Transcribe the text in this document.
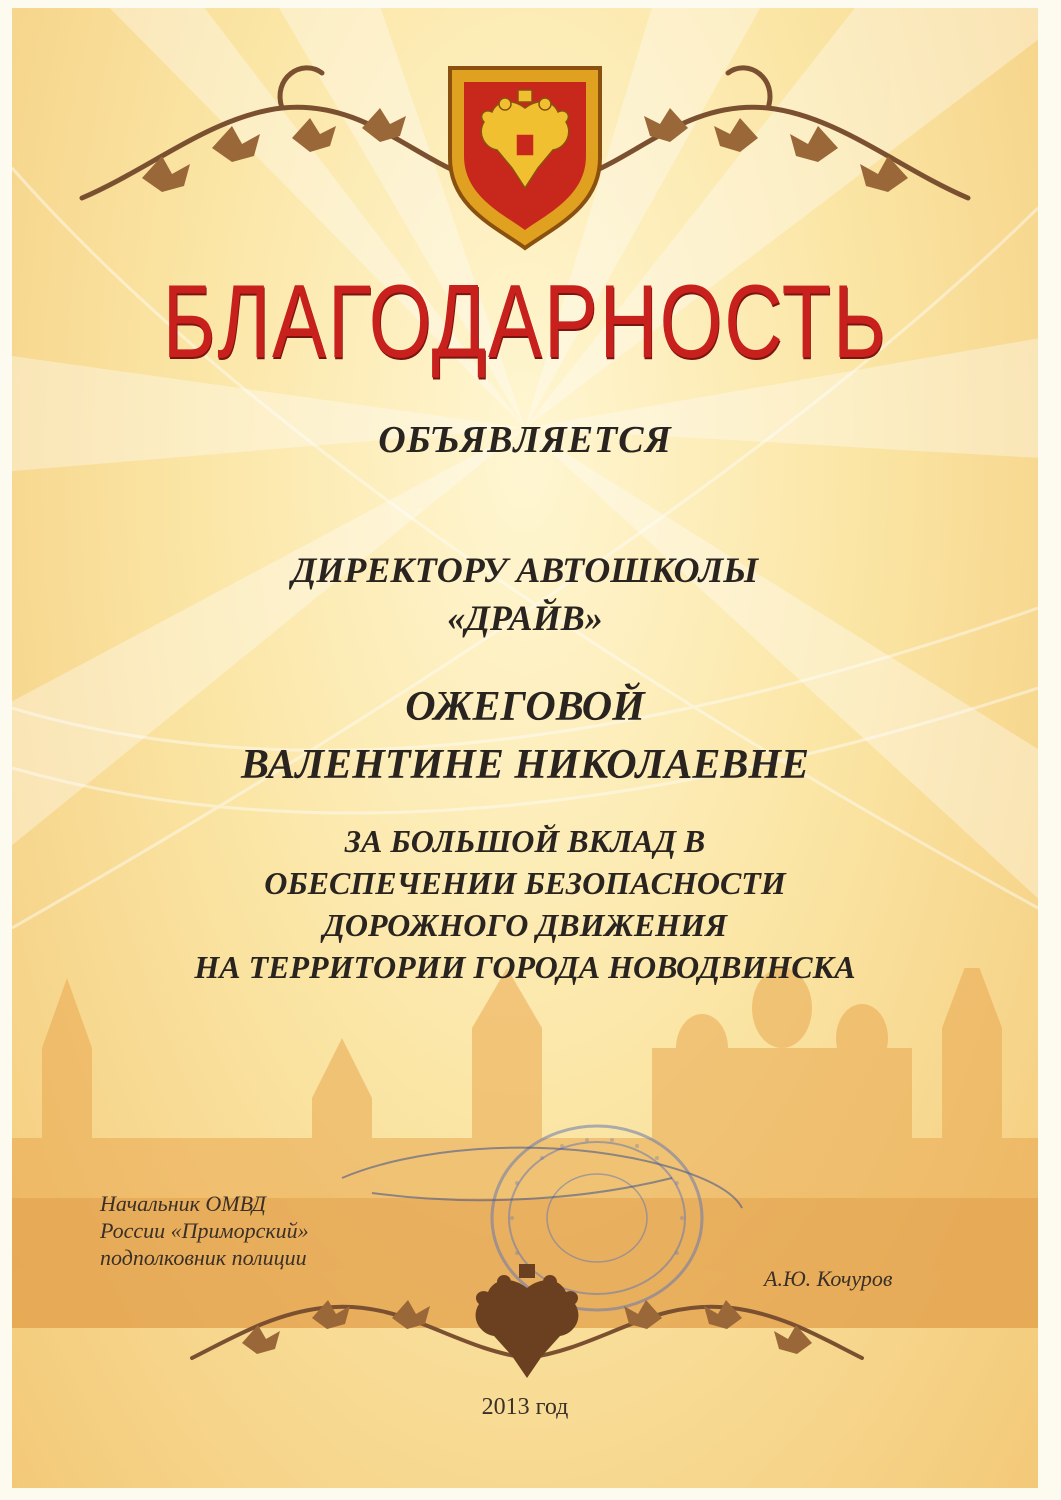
БЛАГОДАРНОСТЬ
ОБЪЯВЛЯЕТСЯ
ДИРЕКТОРУ АВТОШКОЛЫ
«ДРАЙВ»
ОЖЕГОВОЙ
ВАЛЕНТИНЕ НИКОЛАЕВНЕ
ЗА БОЛЬШОЙ ВКЛАД В
ОБЕСПЕЧЕНИИ БЕЗОПАСНОСТИ
ДОРОЖНОГО ДВИЖЕНИЯ
НА ТЕРРИТОРИИ ГОРОДА НОВОДВИНСКА
Начальник ОМВД
России «Приморский»
подполковник полиции
А.Ю. Кочуров
2013 год
